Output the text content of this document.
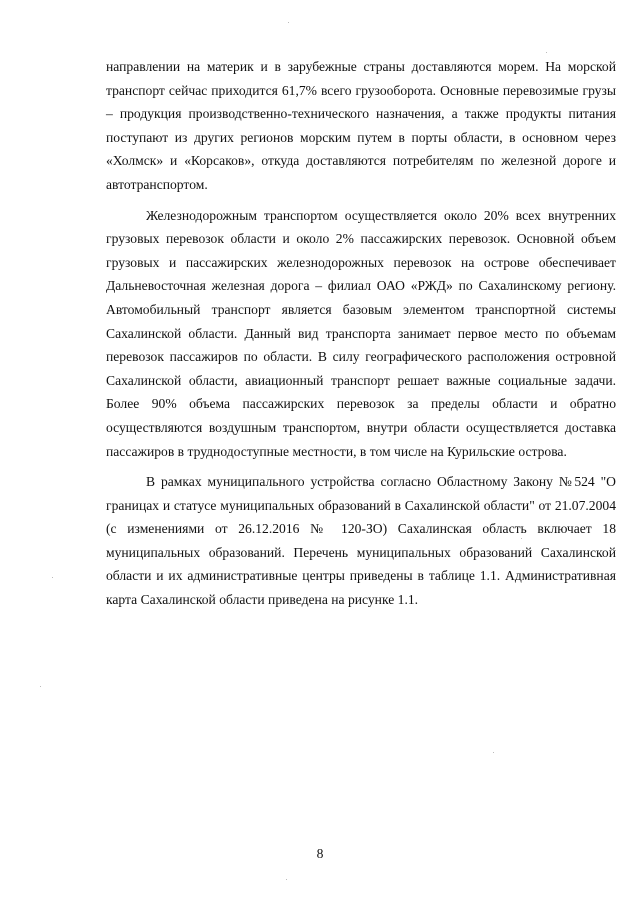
направлении на материк и в зарубежные страны доставляются морем. На морской транспорт сейчас приходится 61,7% всего грузооборота. Основные перевозимые грузы – продукция производственно-технического назначения, а также продукты питания поступают из других регионов морским путем в порты области, в основном через «Холмск» и «Корсаков», откуда доставляются потребителям по железной дороге и автотранспортом.

Железнодорожным транспортом осуществляется около 20% всех внутренних грузовых перевозок области и около 2% пассажирских перевозок. Основной объем грузовых и пассажирских железнодорожных перевозок на острове обеспечивает Дальневосточная железная дорога – филиал ОАО «РЖД» по Сахалинскому региону. Автомобильный транспорт является базовым элементом транспортной системы Сахалинской области. Данный вид транспорта занимает первое место по объемам перевозок пассажиров по области. В силу географического расположения островной Сахалинской области, авиационный транспорт решает важные социальные задачи. Более 90% объема пассажирских перевозок за пределы области и обратно осуществляются воздушным транспортом, внутри области осуществляется доставка пассажиров в труднодоступные местности, в том числе на Курильские острова.

В рамках муниципального устройства согласно Областному Закону №524 "О границах и статусе муниципальных образований в Сахалинской области" от 21.07.2004 (с изменениями от 26.12.2016 № 120-ЗО) Сахалинская область включает 18 муниципальных образований. Перечень муниципальных образований Сахалинской области и их административные центры приведены в таблице 1.1. Административная карта Сахалинской области приведена на рисунке 1.1.

8
